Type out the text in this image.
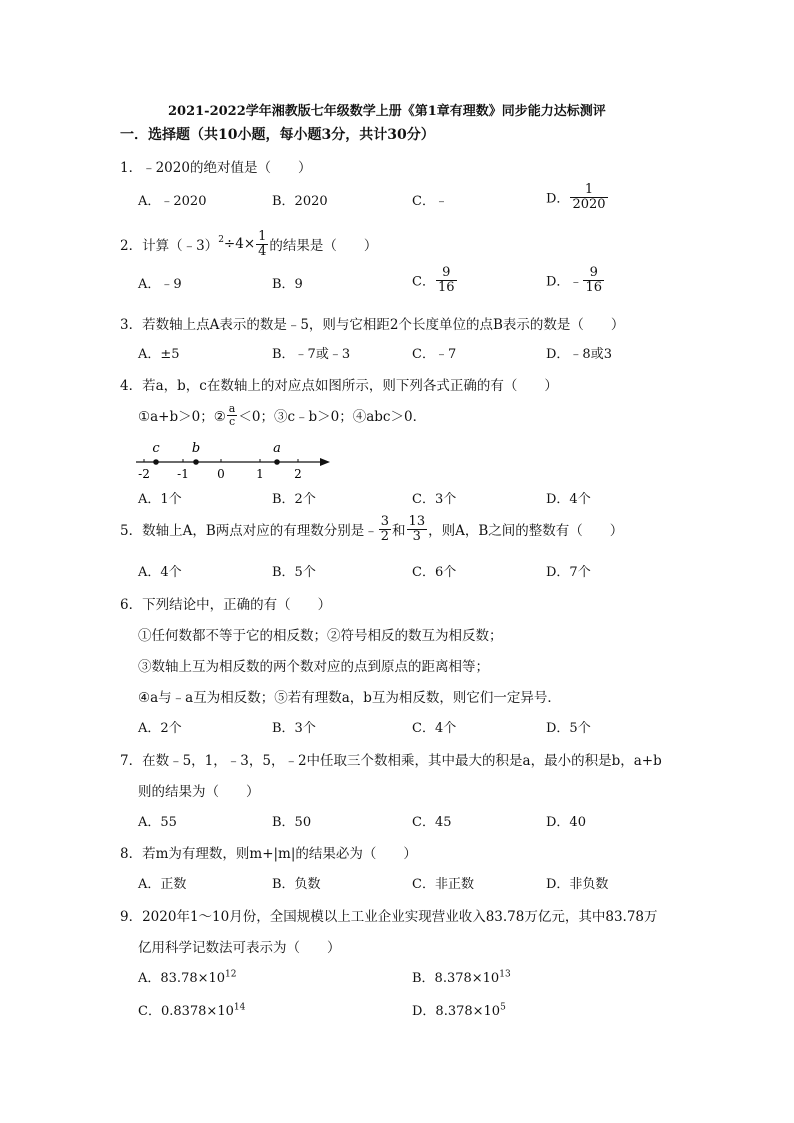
2021-2022学年湘教版七年级数学上册《第1章有理数》同步能力达标测评
一．选择题（共10小题，每小题3分，共计30分）
1．﹣2020的绝对值是（　　）
A．﹣2020	B．2020	C．﹣	D． $\frac{1}{2020}$
2．计算（﹣3）$^2$÷4× $\frac{1}{4}$ 的结果是（　　）
A．﹣9	B．9	C． $\frac{9}{16}$	D．﹣ $\frac{9}{16}$
3．若数轴上点A表示的数是﹣5，则与它相距2个长度单位的点B表示的数是（　　）
A．±5	B．﹣7或﹣3	C．﹣7	D．﹣8或3
4．若a，b，c在数轴上的对应点如图所示，则下列各式正确的有（　　）
①a+b＞0；② $\frac{a}{c} <0$；③c﹣b＞0；④abc＞0．
c b	a
-2 -1 0	1	2
A．1个	B．2个	C．3个	D．4个
5．数轴上A，B两点对应的有理数分别是﹣ $\frac{3}{2}$ 和 $\frac{13}{3}$ ，则A，B之间的整数有（　　）
A．4个	B．5个	C．6个	D．7个
6．下列结论中，正确的有（　　）
①任何数都不等于它的相反数；②符号相反的数互为相反数；
③数轴上互为相反数的两个数对应的点到原点的距离相等；
④a与﹣a互为相反数；⑤若有理数a，b互为相反数，则它们一定异号．
A．2个	B．3个	C．4个	D．5个
7．在数﹣5，1，﹣3，5，﹣2中任取三个数相乘，其中最大的积是a，最小的积是b，a+b
则的结果为（　　）
A．55	B．50	C．45	D．40
8．若m为有理数，则m+|m|的结果必为（　　）
A．正数	B．负数	C．非正数	D．非负数
9．2020年1～10月份，全国规模以上工业企业实现营业收入83.78万亿元，其中83.78万
亿用科学记数法可表示为（　　）
A．$83.78\times 10^{12}$	B．$8.378\times 10^{13}$
C．$0.8378\times 10^{14}$	D．$8.378\times 10^5$
